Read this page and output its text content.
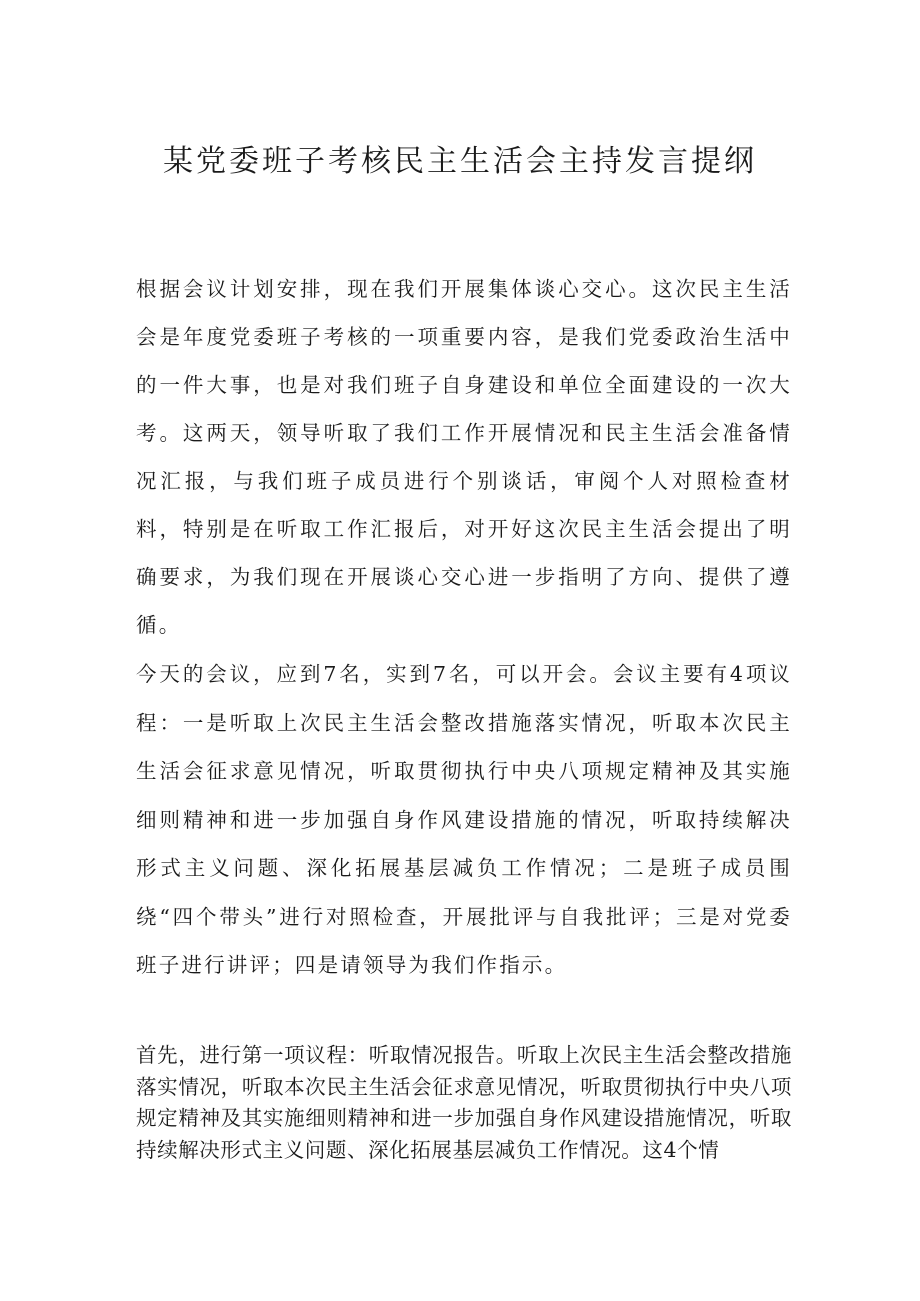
某党委班子考核民主生活会主持发言提纲

根据会议计划安排，现在我们开展集体谈心交心。这次民主生活会是年度党委班子考核的一项重要内容，是我们党委政治生活中的一件大事，也是对我们班子自身建设和单位全面建设的一次大考。这两天，领导听取了我们工作开展情况和民主生活会准备情况汇报，与我们班子成员进行个别谈话，审阅个人对照检查材料，特别是在听取工作汇报后，对开好这次民主生活会提出了明确要求，为我们现在开展谈心交心进一步指明了方向、提供了遵循。

今天的会议，应到7名，实到7名，可以开会。会议主要有4项议程：一是听取上次民主生活会整改措施落实情况，听取本次民主生活会征求意见情况，听取贯彻执行中央八项规定精神及其实施细则精神和进一步加强自身作风建设措施的情况，听取持续解决形式主义问题、深化拓展基层减负工作情况；二是班子成员围绕“四个带头”进行对照检查，开展批评与自我批评；三是对党委班子进行讲评；四是请领导为我们作指示。

首先，进行第一项议程：听取情况报告。听取上次民主生活会整改措施落实情况，听取本次民主生活会征求意见情况，听取贯彻执行中央八项规定精神及其实施细则精神和进一步加强自身作风建设措施情况，听取持续解决形式主义问题、深化拓展基层减负工作情况。这4个情
